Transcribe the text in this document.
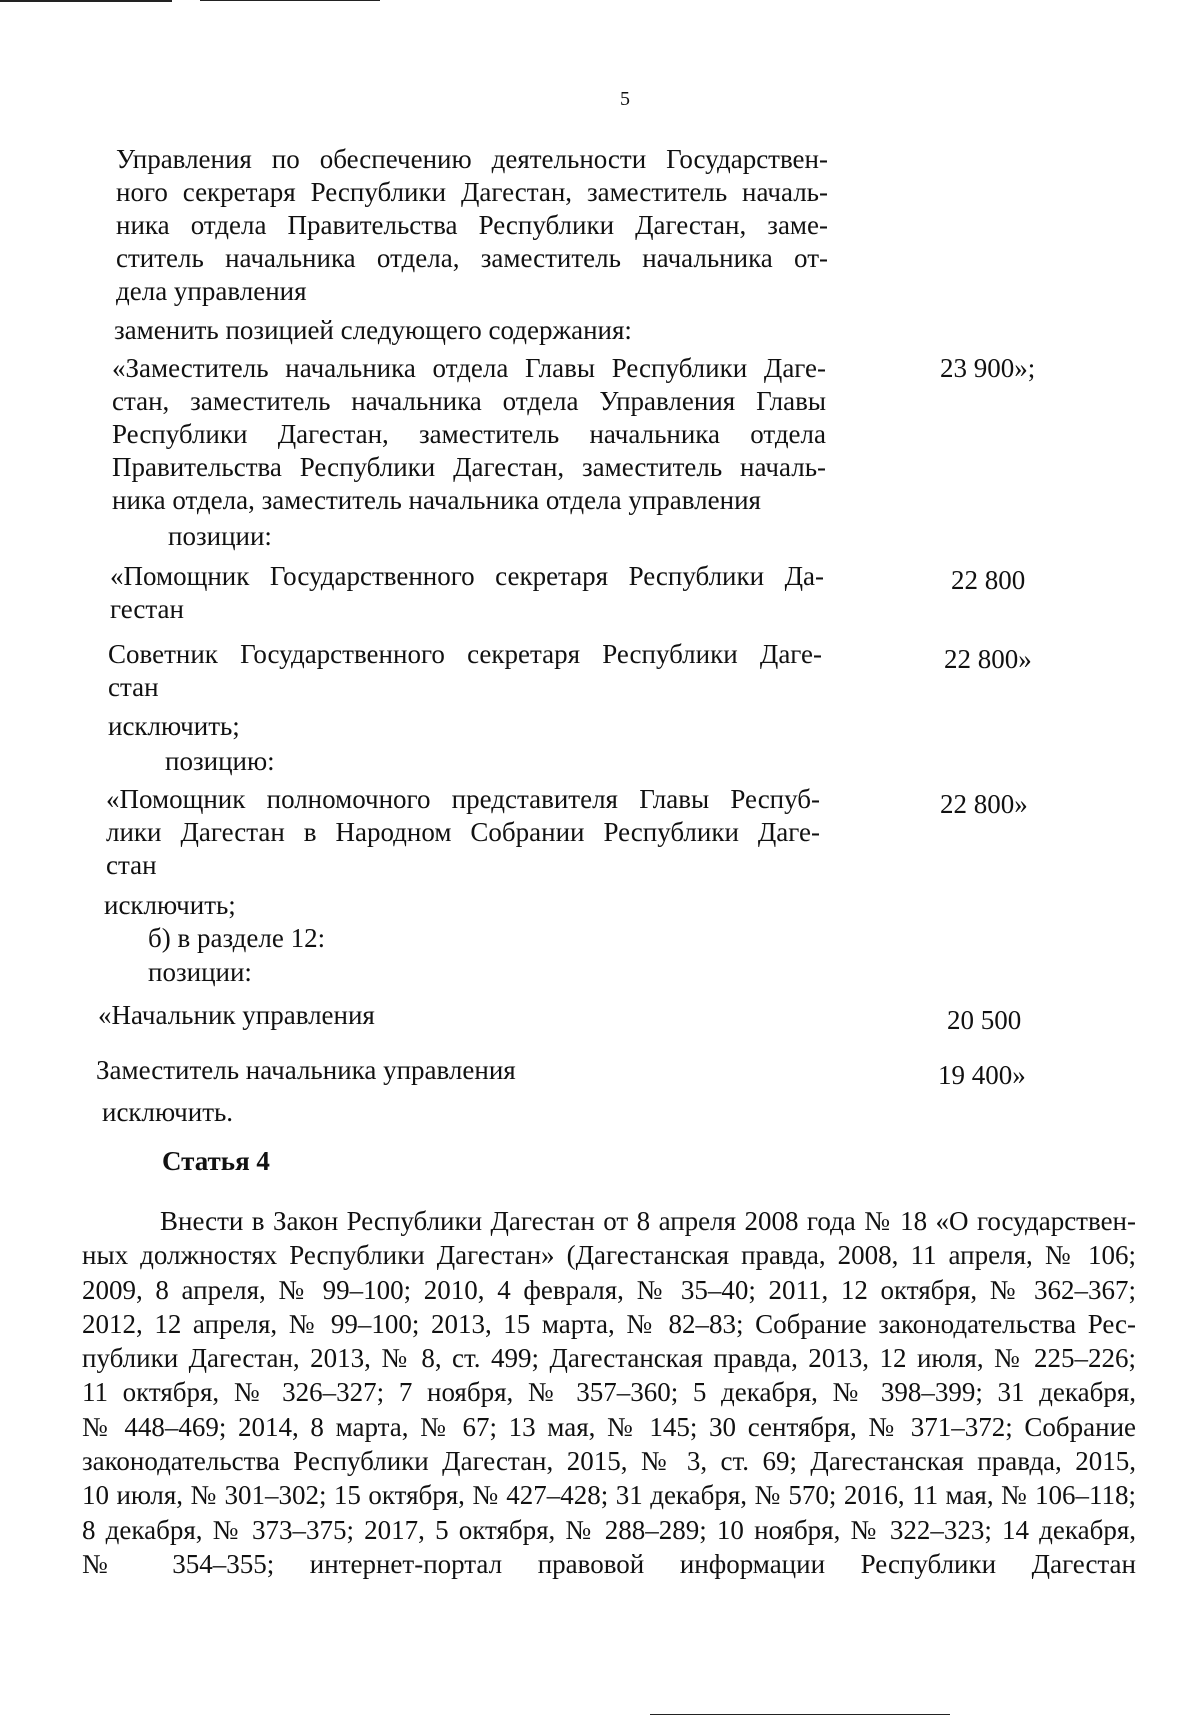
5
Управления по обеспечению деятельности Государствен-
ного секретаря Республики Дагестан, заместитель началь-
ника отдела Правительства Республики Дагестан, заме-
ститель начальника отдела, заместитель начальника от-
дела управления
заменить позицией следующего содержания:
«Заместитель начальника отдела Главы Республики Даге-
стан, заместитель начальника отдела Управления Главы
Республики Дагестан, заместитель начальника отдела
Правительства Республики Дагестан, заместитель началь-
ника отдела, заместитель начальника отдела управления
23 900»;
позиции:
«Помощник Государственного секретаря Республики Да-
гестан
22 800
Советник Государственного секретаря Республики Даге-
стан
22 800»
исключить;
позицию:
«Помощник полномочного представителя Главы Респуб-
лики Дагестан в Народном Собрании Республики Даге-
стан
22 800»
исключить;
б) в разделе 12:
позиции:
«Начальник управления	20 500
Заместитель начальника управления	19 400»
исключить.
Статья 4
Внести в Закон Республики Дагестан от 8 апреля 2008 года № 18 «О государствен-
ных должностях Республики Дагестан» (Дагестанская правда, 2008, 11 апреля, № 106;
2009, 8 апреля, № 99–100; 2010, 4 февраля, № 35–40; 2011, 12 октября, № 362–367;
2012, 12 апреля, № 99–100; 2013, 15 марта, № 82–83; Собрание законодательства Рес-
публики Дагестан, 2013, № 8, ст. 499; Дагестанская правда, 2013, 12 июля, № 225–226;
11 октября, № 326–327; 7 ноября, № 357–360; 5 декабря, № 398–399; 31 декабря,
№ 448–469; 2014, 8 марта, № 67; 13 мая, № 145; 30 сентября, № 371–372; Собрание
законодательства Республики Дагестан, 2015, № 3, ст. 69; Дагестанская правда, 2015,
10 июля, № 301–302; 15 октября, № 427–428; 31 декабря, № 570; 2016, 11 мая, № 106–118;
8 декабря, № 373–375; 2017, 5 октября, № 288–289; 10 ноября, № 322–323; 14 декабря,
№ 354–355; интернет-портал правовой информации Республики Дагестан
